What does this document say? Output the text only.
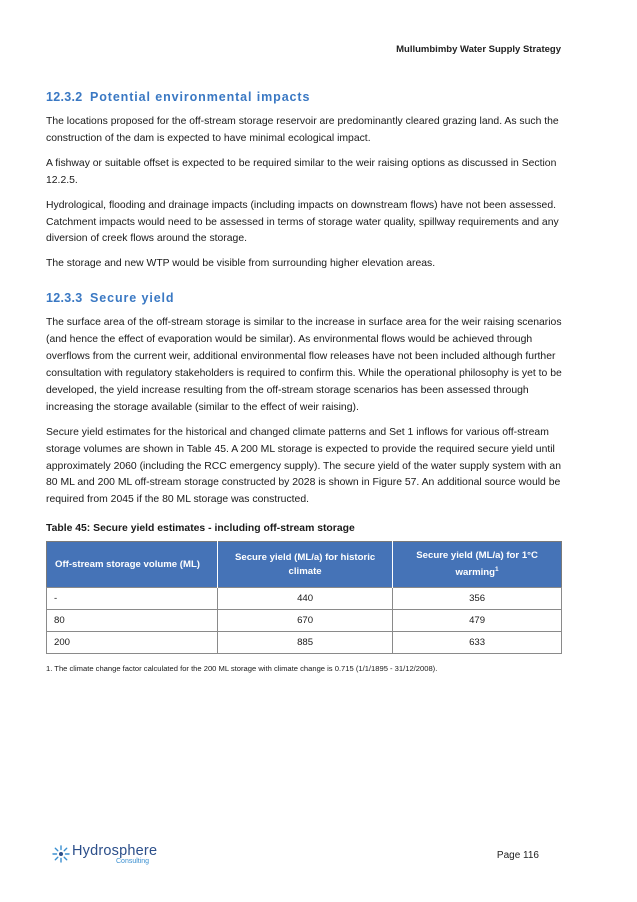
Mullumbimby Water Supply Strategy
12.3.2 Potential environmental impacts

The locations proposed for the off-stream storage reservoir are predominantly cleared grazing land. As such the construction of the dam is expected to have minimal ecological impact.

A fishway or suitable offset is expected to be required similar to the weir raising options as discussed in Section 12.2.5.

Hydrological, flooding and drainage impacts (including impacts on downstream flows) have not been assessed. Catchment impacts would need to be assessed in terms of storage water quality, spillway requirements and any diversion of creek flows around the storage.

The storage and new WTP would be visible from surrounding higher elevation areas.

12.3.3 Secure yield

The surface area of the off-stream storage is similar to the increase in surface area for the weir raising scenarios (and hence the effect of evaporation would be similar). As environmental flows would be achieved through overflows from the current weir, additional environmental flow releases have not been included although further consultation with regulatory stakeholders is required to confirm this. While the operational philosophy is yet to be developed, the yield increase resulting from the off-stream storage scenarios has been assessed through increasing the storage available (similar to the effect of weir raising).

Secure yield estimates for the historical and changed climate patterns and Set 1 inflows for various off-stream storage volumes are shown in Table 45. A 200 ML storage is expected to provide the required secure yield until approximately 2060 (including the RCC emergency supply). The secure yield of the water supply system with an 80 ML and 200 ML off-stream storage constructed by 2028 is shown in Figure 57. An additional source would be required from 2045 if the 80 ML storage was constructed.

Table 45: Secure yield estimates - including off-stream storage
Off-stream storage volume (ML)	Secure yield (ML/a) for historic climate	Secure yield (ML/a) for 1°C warming$^1$
-	440	356
80	670	479
200	885	633
1. The climate change factor calculated for the 200 ML storage with climate change is 0.715 (1/1/1895 - 31/12/2008).
Hydrosphere
Consulting	Page 116
